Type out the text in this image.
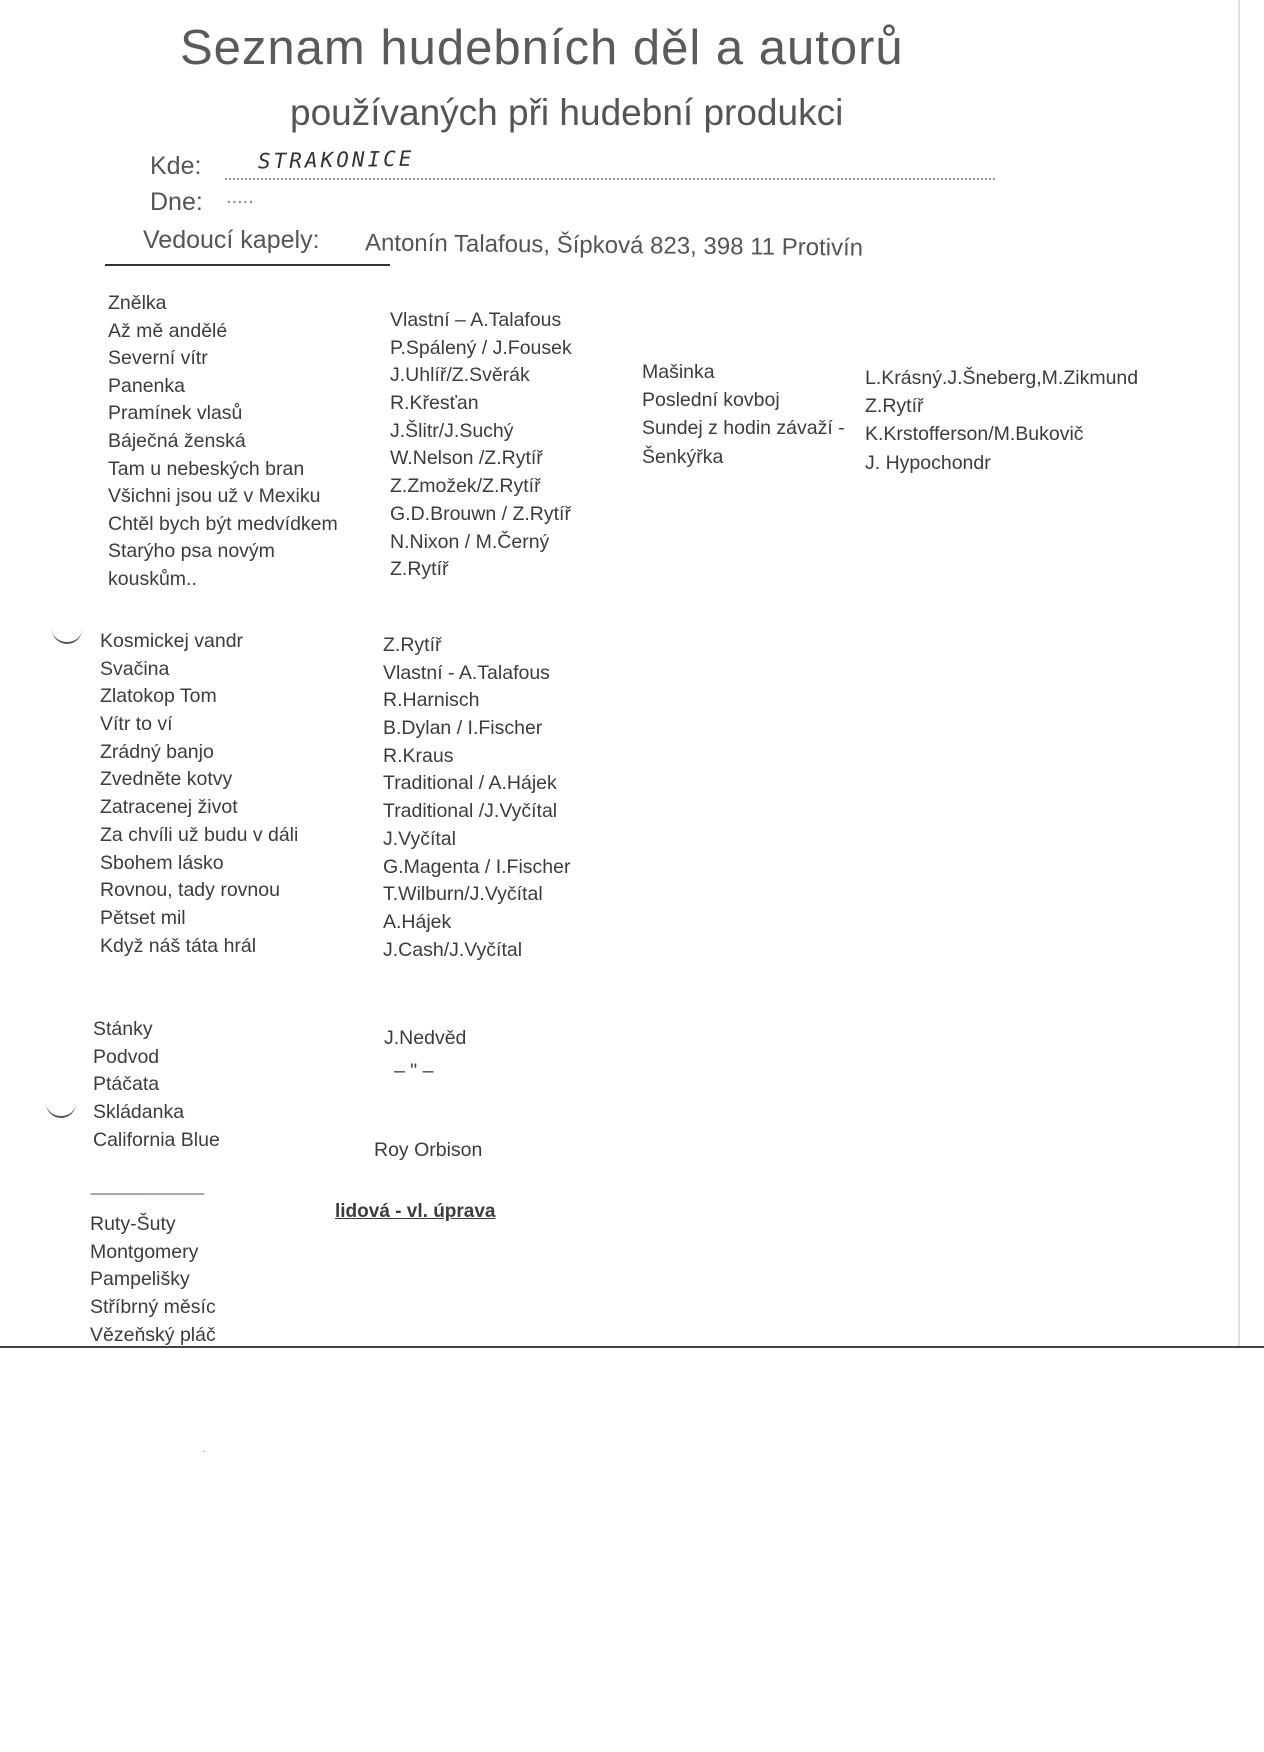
Seznam hudebních děl a autorů
používaných při hudební produkci
Kde:	STRAKONICE
Dne: .....
Vedoucí kapely: Antonín Talafous, Šípková 823, 398 11 Protivín
Znělka
Až mě andělé
Severní vítr
Panenka
Pramínek vlasů
Báječná ženská
Tam u nebeských bran
Všichni jsou už v Mexiku
Chtěl bych být medvídkem
Starýho psa novým
kouskům..
Vlastní – A.Talafous
P.Spálený / J.Fousek
J.Uhlíř/Z.Svěrák
R.Křesťan
J.Šlitr/J.Suchý
W.Nelson /Z.Rytíř
Z.Zmožek/Z.Rytíř
G.D.Brouwn / Z.Rytíř
N.Nixon / M.Černý
Z.Rytíř
Mašinka
Poslední kovboj
Sundej z hodin závaží -
Šenkýřka
L.Krásný.J.Šneberg,M.Zikmund
Z.Rytíř
K.Krstofferson/M.Bukovič
J. Hypochondr
Kosmickej vandr
Svačina
Zlatokop Tom
Vítr to ví
Zrádný banjo
Zvedněte kotvy
Zatracenej život
Za chvíli už budu v dáli
Sbohem lásko
Rovnou, tady rovnou
Pětset mil
Když náš táta hrál
Z.Rytíř
Vlastní - A.Talafous
R.Harnisch
B.Dylan / I.Fischer
R.Kraus
Traditional / A.Hájek
Traditional /J.Vyčítal
J.Vyčítal
G.Magenta / I.Fischer
T.Wilburn/J.Vyčítal
A.Hájek
J.Cash/J.Vyčítal
Stánky
Podvod
Ptáčata
Skládanka
California Blue
J.Nedvěd
– " –
Roy Orbison
--------------------------------------
lidová - vl. úprava
Ruty-Šuty
Montgomery
Pampelišky
Stříbrný měsíc
Vězeňský pláč
·
